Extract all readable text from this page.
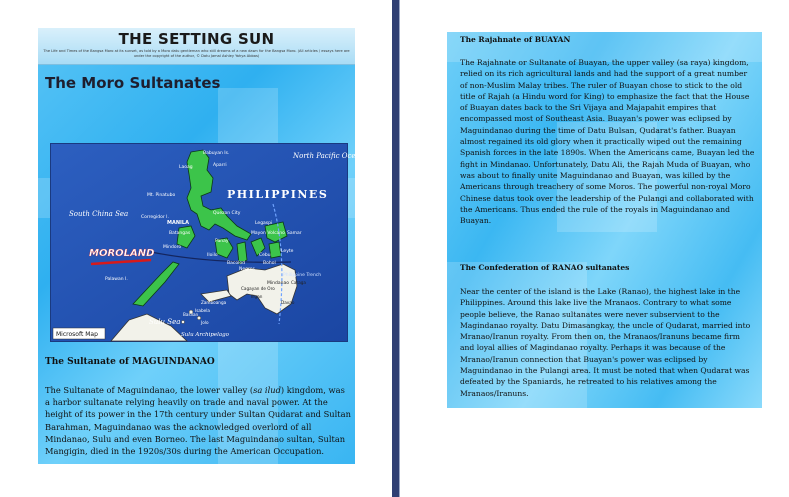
THE SETTING SUN
The Life and Times of the Bangsa Moro at its sunset, as told by a Moro datu gentleman who still dreams of a new dawn for the Bangsa Moro. (All articles / essays here are under the copyright of the author, © Datu Jamal Ashley Yahya Abbas)
The Moro Sultanates
PHILIPPINES
MOROLAND
North Pacific Ocean
South China Sea
Sulu Sea
Philippine Trench
Babuyan Is.
Laoag	Aparri
Mt. Pinatubo
Quezon City
Corregidor I.
MANILA
Batangas
Mindoro
Legaspi
Mayon Volcano Samar
Leyte
Cebu
Bohol
Iloilo
Bacolod
Negros
Panay
Palawan I.
Cagayan de Oro
Iligan
Zamboanga
Isabela
Jolo
Mindanao
Davao
Basilan
Caraga
Sulu Archipelago
Microsoft Map
The Sultanate of MAGUINDANAO
The Sultanate of Maguindanao, the lower valley (sa ilud) kingdom, was a harbor sultanate relying heavily on trade and naval power. At the height of its power in the 17th century under Sultan Qudarat and Sultan Barahman, Maguindanao was the acknowledged overlord of all Mindanao, Sulu and even Borneo. The last Maguindanao sultan, Sultan Mangigin, died in the 1920s/30s during the American Occupation.
The Rajahnate of BUAYAN
The Rajahnate or Sultanate of Buayan, the upper valley (sa raya) kingdom, relied on its rich agricultural lands and had the support of a great number of non-Muslim Malay tribes. The ruler of Buayan chose to stick to the old title of Rajah (a Hindu word for King) to emphasize the fact that the House of Buayan dates back to the Sri Vijaya and Majapahit empires that encompassed most of Southeast Asia. Buayan's power was eclipsed by Maguindanao during the time of Datu Bulsan, Qudarat's father. Buayan almost regained its old glory when it practically wiped out the remaining Spanish forces in the late 1890s. When the Americans came, Buayan led the fight in Mindanao. Unfortunately, Datu Ali, the Rajah Muda of Buayan, who was about to finally unite Maguindanao and Buayan, was killed by the Americans through treachery of some Moros. The powerful non-royal Moro Chinese datus took over the leadership of the Pulangi and collaborated with the Americans. Thus ended the rule of the royals in Maguindanao and Buayan.
The Confederation of RANAO sultanates
Near the center of the island is the Lake (Ranao), the highest lake in the Philippines. Around this lake live the Mranaos. Contrary to what some people believe, the Ranao sultanates were never subservient to the Magindanao royalty. Datu Dimasangkay, the uncle of Qudarat, married into Mranao/Iranun royalty. From then on, the Mranaos/Iranuns became firm and loyal allies of Magindanao royalty. Perhaps it was because of the Mranao/Iranun connection that Buayan's power was eclipsed by Maguindanao in the Pulangi area. It must be noted that when Qudarat was defeated by the Spaniards, he retreated to his relatives among the Mranaos/Iranuns.
